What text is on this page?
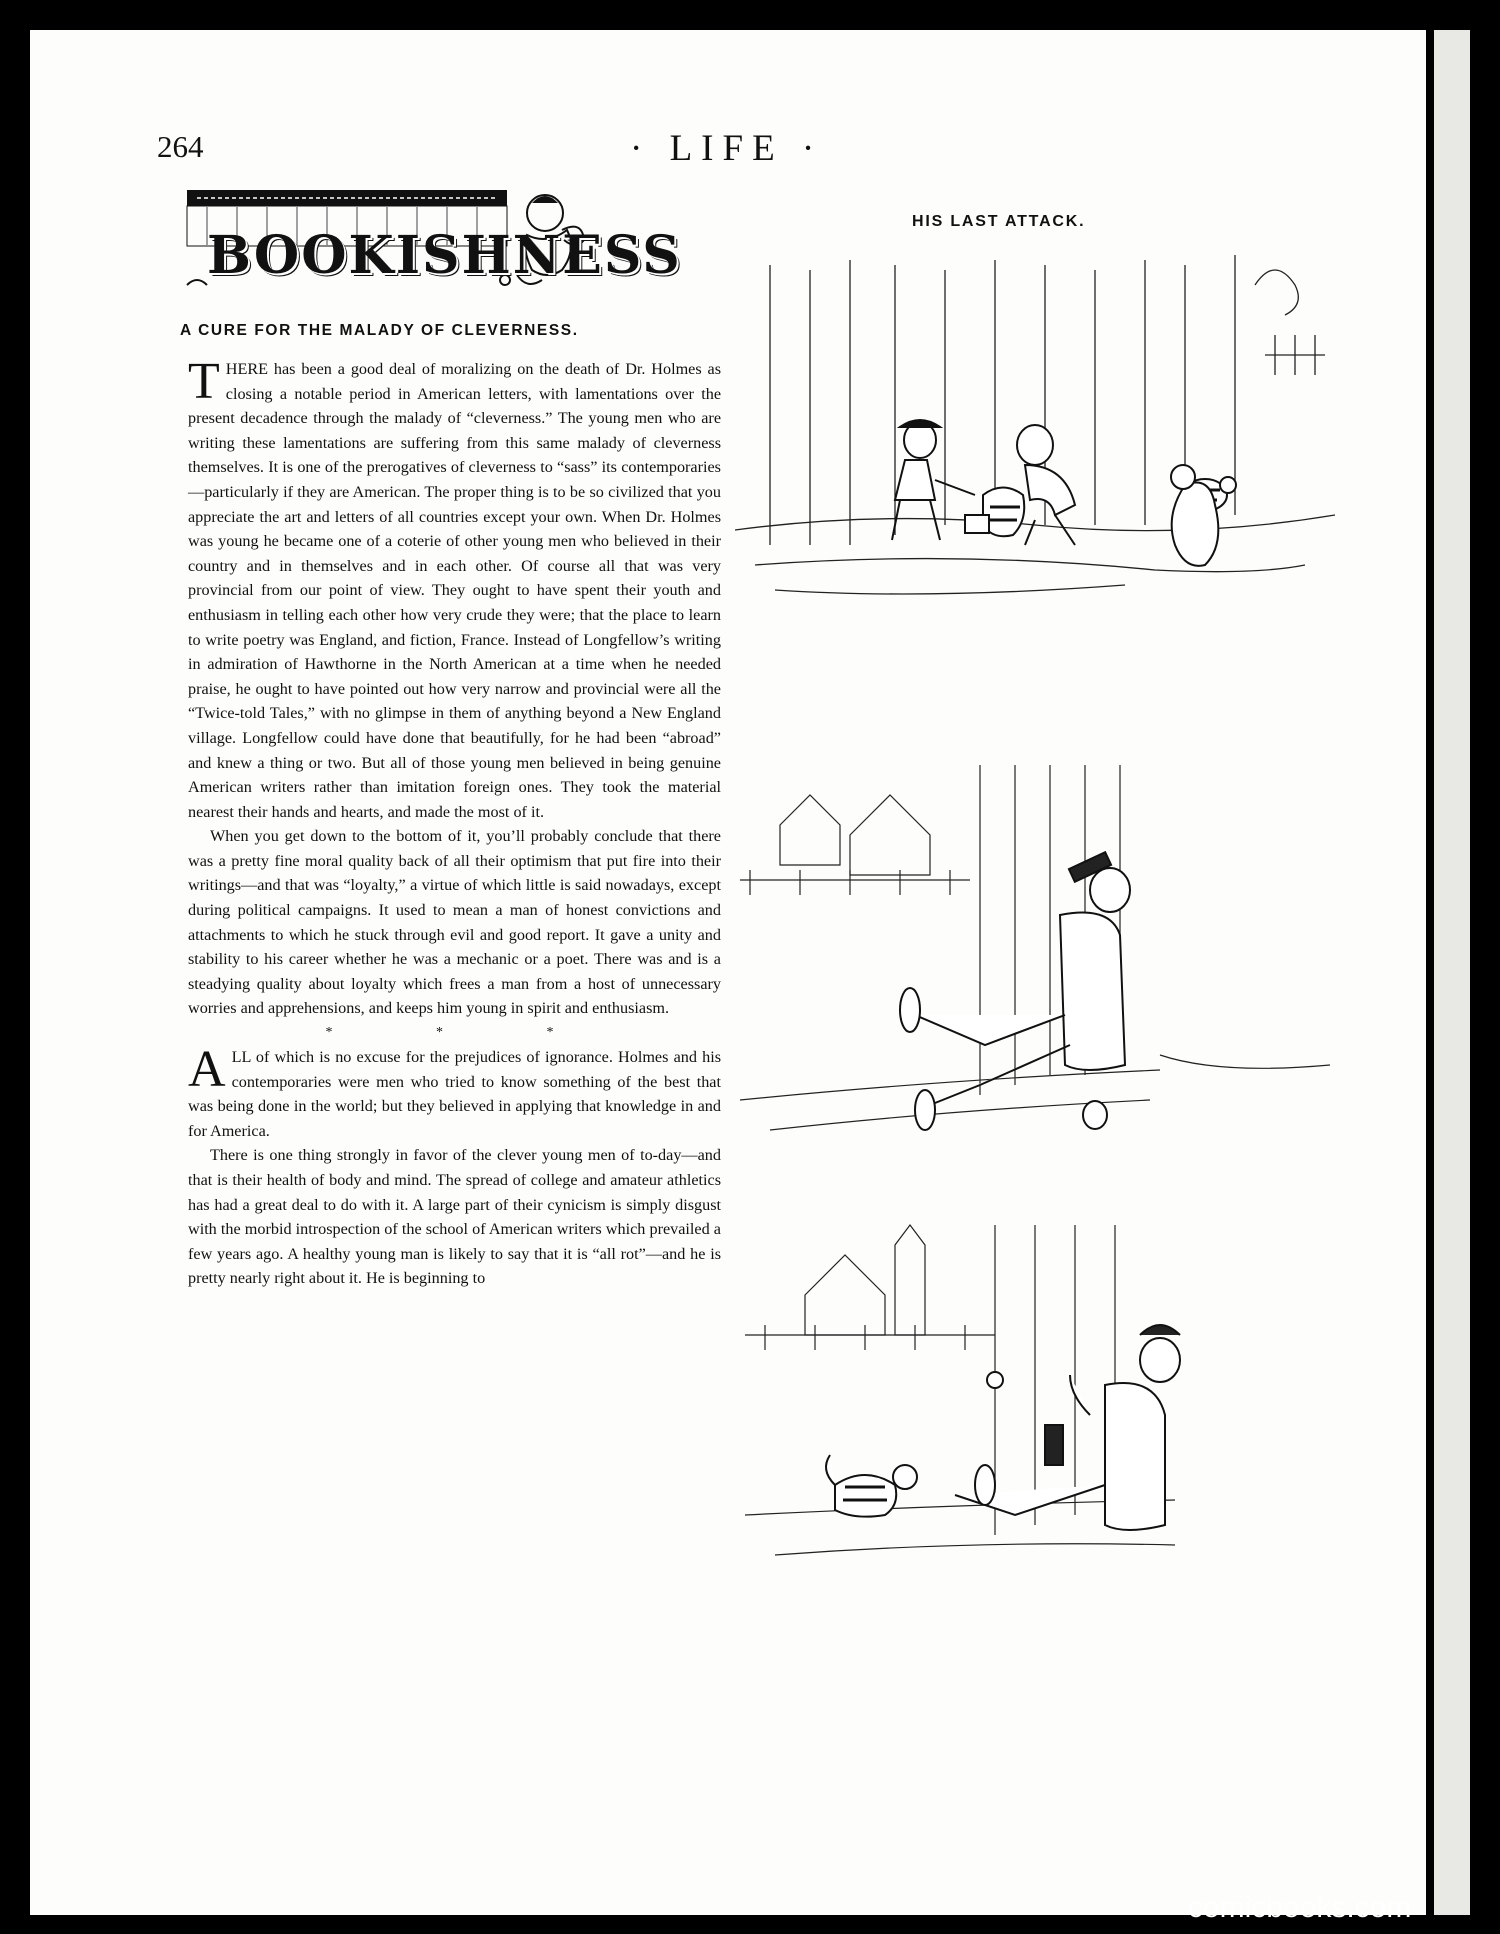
264	· LIFE ·
BOOKISHNESS
A CURE FOR THE MALADY OF CLEVERNESS.

THERE has been a good deal of moralizing on the death of Dr. Holmes as closing a notable period in American letters, with lamentations over the present decadence through the malady of “cleverness.” The young men who are writing these lamentations are suffering from this same malady of cleverness themselves. It is one of the prerogatives of cleverness to “sass” its contemporaries—particularly if they are American. The proper thing is to be so civilized that you appreciate the art and letters of all countries except your own. When Dr. Holmes was young he became one of a coterie of other young men who believed in their country and in themselves and in each other. Of course all that was very provincial from our point of view. They ought to have spent their youth and enthusiasm in telling each other how very crude they were; that the place to learn to write poetry was England, and fiction, France. Instead of Longfellow’s writing in admiration of Hawthorne in the North American at a time when he needed praise, he ought to have pointed out how very narrow and provincial were all the “Twice-told Tales,” with no glimpse in them of anything beyond a New England village. Longfellow could have done that beautifully, for he had been “abroad” and knew a thing or two. But all of those young men believed in being genuine American writers rather than imitation foreign ones. They took the material nearest their hands and hearts, and made the most of it.

When you get down to the bottom of it, you’ll probably conclude that there was a pretty fine moral quality back of all their optimism that put fire into their writings—and that was “loyalty,” a virtue of which little is said nowadays, except during political campaigns. It used to mean a man of honest convictions and attachments to which he stuck through evil and good report. It gave a unity and stability to his career whether he was a mechanic or a poet. There was and is a steadying quality about loyalty which frees a man from a host of unnecessary worries and apprehensions, and keeps him young in spirit and enthusiasm.

* * *

ALL of which is no excuse for the prejudices of ignorance. Holmes and his contemporaries were men who tried to know something of the best that was being done in the world; but they believed in applying that knowledge in and for America.

There is one thing strongly in favor of the clever young men of to-day—and that is their health of body and mind. The spread of college and amateur athletics has had a great deal to do with it. A large part of their cynicism is simply disgust with the morbid introspection of the school of American writers which prevailed a few years ago. A healthy young man is likely to say that it is “all rot”—and he is pretty nearly right about it. He is beginning to

HIS LAST ATTACK.
comicbooks.com
